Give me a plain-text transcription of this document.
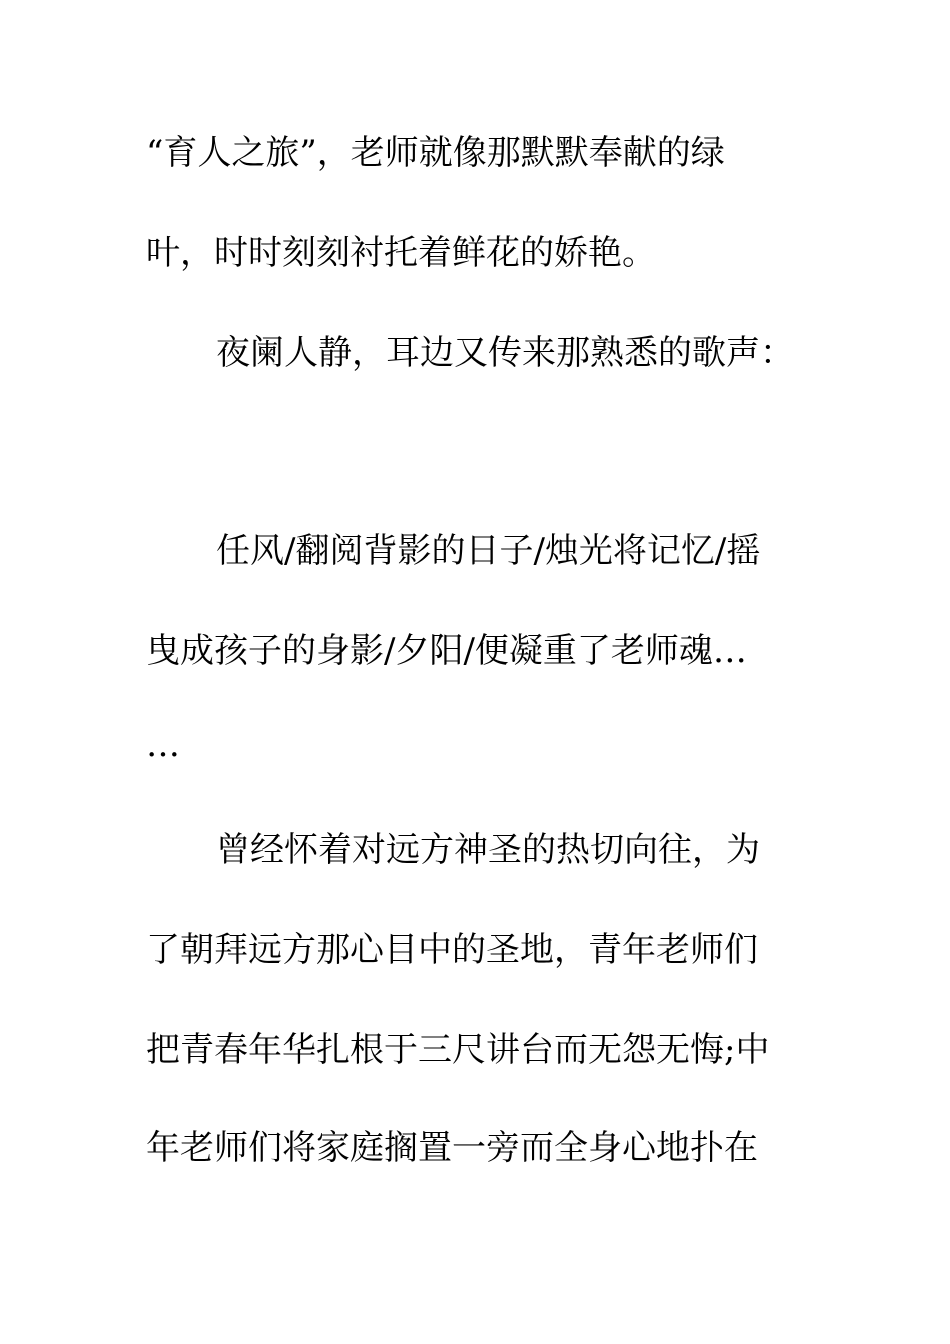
“育人之旅”，老师就像那默默奉献的绿
叶，时时刻刻衬托着鲜花的娇艳。
夜阑人静，耳边又传来那熟悉的歌声：
任风/翻阅背影的日子/烛光将记忆/摇
曳成孩子的身影/夕阳/便凝重了老师魂…
…
曾经怀着对远方神圣的热切向往，为
了朝拜远方那心目中的圣地，青年老师们
把青春年华扎根于三尺讲台而无怨无悔;中
年老师们将家庭搁置一旁而全身心地扑在
